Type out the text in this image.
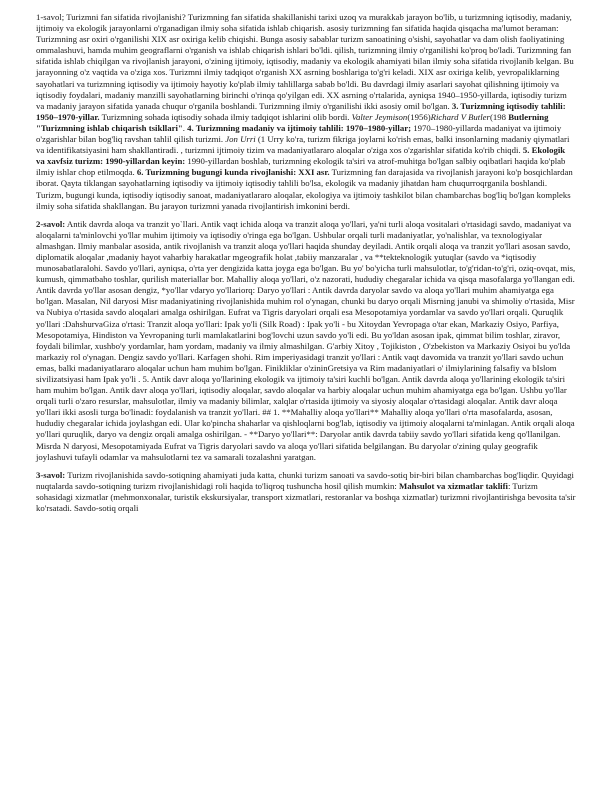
1-savol; Turizmni fan sifatida rivojlanishi? Turizmning fan sifatida shakillanishi tarixi uzoq va murakkab jarayon bo'lib, u turizmning iqtisodiy, madaniy, ijtimoiy va ekologik jarayonlarni o'rganadigan ilmiy soha sifatida ishlab chiqarish. asosiy turizmning fan sifatida haqida qisqacha ma'lumot beraman: Turizmning asr oxiri o'rganilishi XIX asr oxiriga kelib chiqishi. Bunga asosiy sabablar turizm sanoatining o'sishi, sayohatlar va dam olish faoliyatining ommalashuvi, hamda muhim geograflarni o'rganish va ishlab chiqarish ishlari bo'ldi. qilish, turizmning ilmiy o'rganilishi ko'proq bo'ladi. Turizmning fan sifatida ishlab chiqilgan va rivojlanish jarayoni, o'zining ijtimoiy, iqtisodiy, madaniy va ekologik ahamiyati bilan ilmiy soha sifatida rivojlanib kelgan. Bu jarayonning o'z vaqtida va o'ziga xos. Turizmni ilmiy tadqiqot o'rganish XX asrning boshlariga to'g'ri keladi. XIX asr oxiriga kelib, yevropaliklarning sayohatlari va turizmning iqtisodiy va ijtimoiy hayotiy ko'plab ilmiy tahlillarga sabab bo'ldi. Bu davrdagi ilmiy asarlari sayohat qilishning ijtimoiy va iqtisodiy foydalari, madaniy manzilli sayohatlarning birinchi o'rinqa qo'yilgan edi. XX asrning o'rtalarida, ayniqsa 1940–1950-yillarda, iqtisodiy turizm va madaniy jarayon sifatida yanada chuqur o'rganila boshlandi. Turizmning ilmiy o'rganilishi ikki asosiy omil bo'lgan. 3. Turizmning iqtisodiy tahlili: 1950–1970-yillar. Turizmning sohada iqtisodiy sohada ilmiy tadqiqot ishlarini olib bordi. Valter Jeymison(1956)Richard V Butler(198 Butlerning "Turizmning ishlab chiqarish tsikllari". 4. Turizmning madaniy va ijtimoiy tahlili: 1970–1980-yillar; 1970–1980-yillarda madaniyat va ijtimoiy o'zgarishlar bilan bog'liq ravshan tahlil qilish turizmi. Jon Urri (1 Urry ko'ra, turizm fikriga joylarni ko'rish emas, balki insonlarning madaniy qiymatlari va identifikatsiyasini ham shakllantiradi. , turizmni ijtimoiy tizim va madaniyatlararo aloqalar o'ziga xos o'zgarishlar sifatida ko'rib chiqdi. 5. Ekologik va xavfsiz turizm: 1990-yillardan keyin: 1990-yillardan boshlab, turizmning ekologik ta'siri va atrof-muhitga bo'lgan salbiy oqibatlari haqida ko'plab ilmiy ishlar chop etilmoqda. 6. Turizmning bugungi kunda rivojlanishi: XXI asr. Turizmning fan darajasida va rivojlanish jarayoni ko'p bosqichlardan iborat. Qayta tiklangan sayohatlarning iqtisodiy va ijtimoiy iqtisodiy tahlili bo'lsa, ekologik va madaniy jihatdan ham chuqurroqrganila boshlandi. Turizm, bugungi kunda, iqtisodiy iqtisodiy sanoat, madaniyatlararo aloqalar, ekologiya va ijtimoiy tashkilot bilan chambarchas bog'liq bo'lgan kompleks ilmiy soha sifatida shakllangan. Bu jarayon turizmni yanada rivojlantirish imkonini berdi.

2-savol: Antik davrda aloqa va tranzit yo`llari. Antik vaqt ichida aloqa va tranzit aloqa yo'llari, ya'ni turli aloqa vositalari o'rtasidagi savdo, madaniyat va aloqalarni ta'minlovchi yo'llar muhim ijtimoiy va iqtisodiy o'ringa ega bo'lgan. Ushbular orqali turli madaniyatlar, yo'nalishlar, va texnologiyalar almashgan. Ilmiy manbalar asosida, antik rivojlanish va tranzit aloqa yo'llari haqida shunday deyiladi. Antik orqali aloqa va tranzit yo'llari asosan savdo, diplomatik aloqalar ,madaniy hayot vaharbiy harakatlar mgeografik holat ,tabiiy manzaralar , va **tekteknologik yutuqlar (savdo va *iqtisodiy munosabatlaralohi. Savdo yo'llari, ayniqsa, o'rta yer dengizida katta joyga ega bo'lgan. Bu yo' bo'yicha turli mahsulotlar, to'g'ridan-to'g'ri, oziq-ovqat, mis, kumush, qimmatbaho toshlar, qurilish materiallar bor. Mahalliy aloqa yo'llari, o'z nazorati, hududiy chegaralar ichida va qisqa masofalarga yo'llangan edi. Antik davrda yo'llar asosan dengiz, *yo'llar vdaryo yo'llariorq: Daryo yo'llari : Antik davrda daryolar savdo va aloqa yo'llari muhim ahamiyatga ega bo'lgan. Masalan, Nil daryosi Misr madaniyatining rivojlanishida muhim rol o'ynagan, chunki bu daryo orqali Misrning janubi va shimoliy o'rtasida, Misr va Nubiya o'rtasida savdo aloqalari amalga oshirilgan. Eufrat va Tigris daryolari orqali esa Mesopotamiya yordamlar va savdo yo'llari orqali. Quruqlik yo'llari :DahshurvaGiza o'rtasi: Tranzit aloqa yo'llari: Ipak yo'li (Silk Road) : Ipak yo'li - bu Xitoydan Yevropaga o'tar ekan, Markaziy Osiyo, Parfiya, Mesopotamiya, Hindiston va Yevropaning turli mamlakatlarini bog'lovchi uzun savdo yo'li edi. Bu yo'ldan asosan ipak, qimmat bilim toshlar, ziravor, foydali bilimlar, xushbo'y yordamlar, ham yordam, madaniy va ilmiy almashilgan. G'arbiy Xitoy , Tojikiston , O'zbekiston va Markaziy Osiyoi bu yo'lda markaziy rol o'ynagan. Dengiz savdo yo'llari. Karfagen shohi. Rim imperiyasidagi tranzit yo'llari : Antik vaqt davomida va tranzit yo'llari savdo uchun emas, balki madaniyatlararo aloqalar uchun ham muhim bo'lgan. Finikliklar o'zininGretsiya va Rim madaniyatlari o' ilmiylarining falsafiy va bIslom sivilizatsiyasi ham Ipak yo'li . 5. Antik davr aloqa yo'llarining ekologik va ijtimoiy ta'siri kuchli bo'lgan. Antik davrda aloqa yo'llarining ekologik ta'siri ham muhim bo'lgan. Antik davr aloqa yo'llari, iqtisodiy aloqalar, savdo aloqalar va harbiy aloqalar uchun muhim ahamiyatga ega bo'lgan. Ushbu yo'llar orqali turli o'zaro resurslar, mahsulotlar, ilmiy va madaniy bilimlar, xalqlar o'rtasida ijtimoiy va siyosiy aloqalar o'rtasidagi aloqalar. Antik davr aloqa yo'llari ikki asosli turga bo'linadi: foydalanish va tranzit yo'llari. ## 1. **Mahalliy aloqa yo'llari** Mahalliy aloqa yo'llari o'rta masofalarda, asosan, hududiy chegaralar ichida joylashgan edi. Ular ko'pincha shaharlar va qishloqlarni bog'lab, iqtisodiy va ijtimoiy aloqalarni ta'minlagan. Antik orqali aloqa yo'llari quruqlik, daryo va dengiz orqali amalga oshirilgan. - **Daryo yo'llari**: Daryolar antik davrda tabiiy savdo yo'llari sifatida keng qo'llanilgan. Misrda N daryosi, Mesopotamiyada Eufrat va Tigris daryolari savdo va aloqa yo'llari sifatida belgilangan. Bu daryolar o'zining qulay geografik joylashuvi tufayli odamlar va mahsulotlarni tez va samarali tozalashni yaratgan.

3-savol: Turizm rivojlanishida savdo-sotiqning ahamiyati juda katta, chunki turizm sanoati va savdo-sotiq bir-biri bilan chambarchas bog'liqdir. Quyidagi nuqtalarda savdo-sotiqning turizm rivojlanishidagi roli haqida to'liqroq tushuncha hosil qilish mumkin: Mahsulot va xizmatlar taklifi: Turizm sohasidagi xizmatlar (mehmonxonalar, turistik ekskursiyalar, transport xizmatlari, restoranlar va boshqa xizmatlar) turizmni rivojlantirishga bevosita ta'sir ko'rsatadi. Savdo-sotiq orqali
